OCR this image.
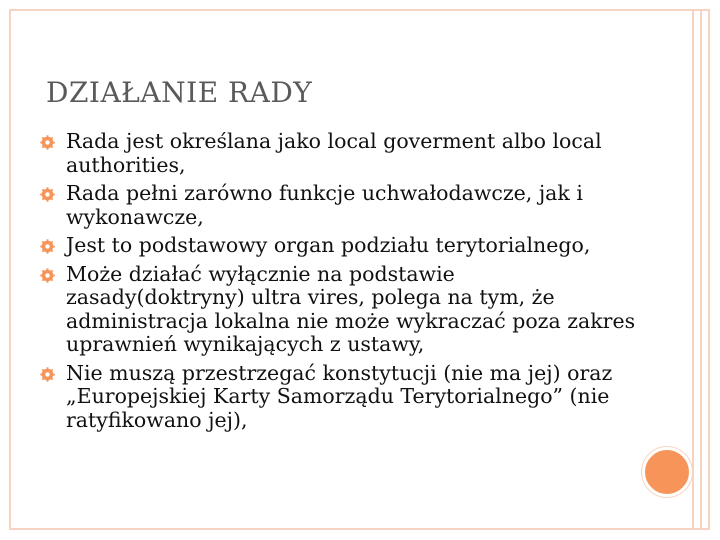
DZIAŁANIE RADY
Rada jest określana jako local goverment albo local authorities,
Rada pełni zarówno funkcje uchwałodawcze, jak i wykonawcze,
Jest to podstawowy organ podziału terytorialnego,
Może działać wyłącznie na podstawie zasady(doktryny) ultra vires, polega na tym, że administracja lokalna nie może wykraczać poza zakres uprawnień wynikających z ustawy,
Nie muszą przestrzegać konstytucji (nie ma jej) oraz „Europejskiej Karty Samorządu Terytorialnego” (nie ratyfikowano jej),
